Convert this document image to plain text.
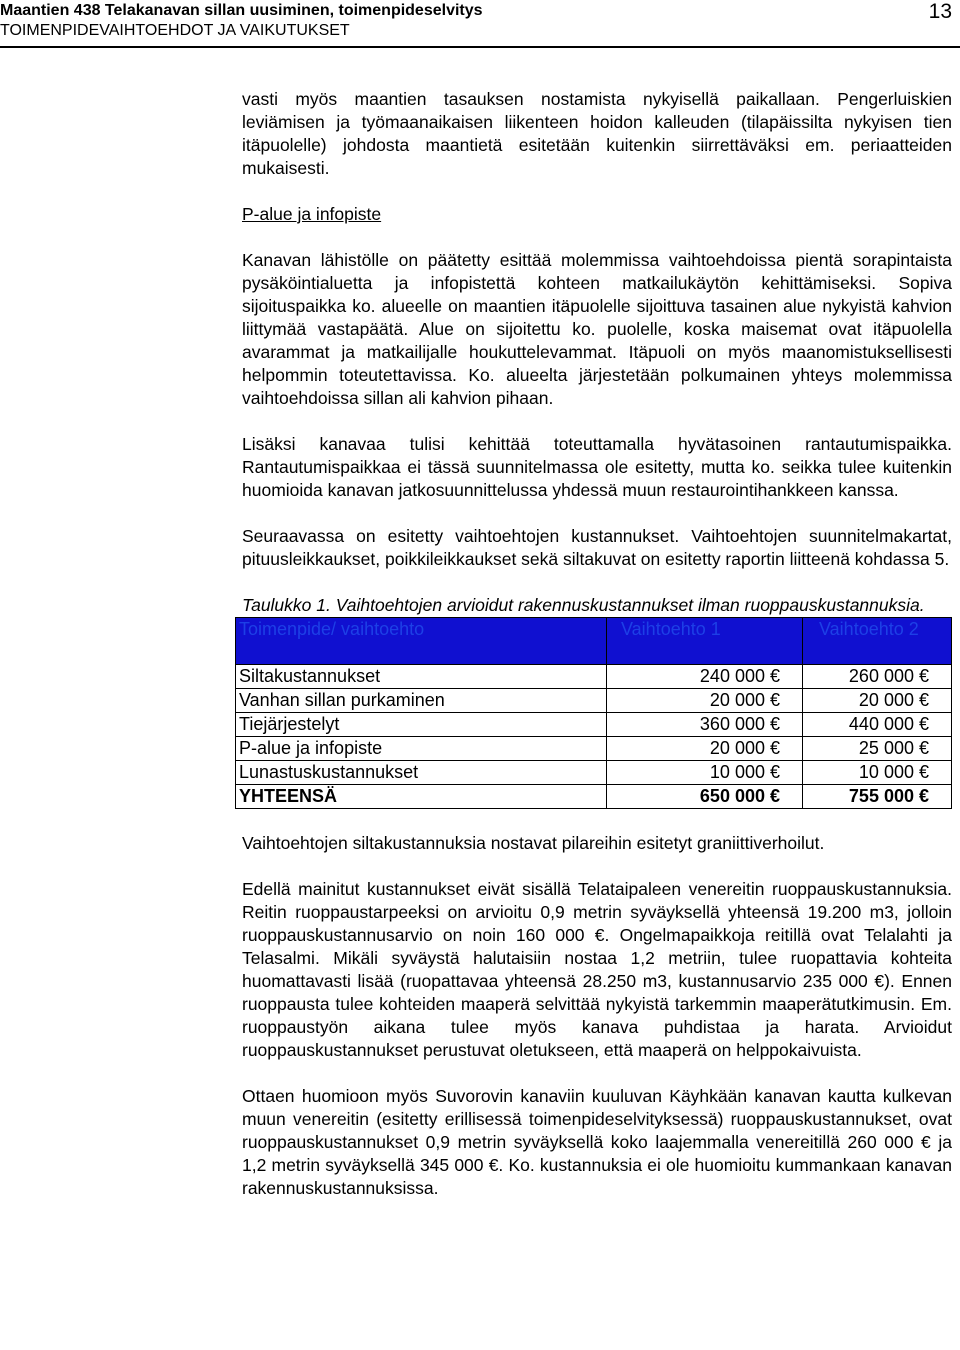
Maantien 438 Telakanavan sillan uusiminen, toimenpideselvitys
TOIMENPIDEVAIHTOEHDOT JA VAIKUTUKSET
13

vasti myös maantien tasauksen nostamista nykyisellä paikallaan. Pengerluiskien leviämisen ja työmaanaikaisen liikenteen hoidon kalleuden (tilapäissilta nykyisen tien itäpuolelle) johdosta maantietä esitetään kuitenkin siirrettäväksi em. periaatteiden mukaisesti.

P-alue ja infopiste

Kanavan lähistölle on päätetty esittää molemmissa vaihtoehdoissa pientä sorapintaista pysäköintialuetta ja infopistettä kohteen matkailukäytön kehittämiseksi. Sopiva sijoituspaikka ko. alueelle on maantien itäpuolelle sijoittuva tasainen alue nykyistä kahvion liittymää vastapäätä. Alue on sijoitettu ko. puolelle, koska maisemat ovat itäpuolella avarammat ja matkailijalle houkuttelevammat. Itäpuoli on myös maanomistuksellisesti helpommin toteutettavissa. Ko. alueelta järjestetään polkumainen yhteys molemmissa vaihtoehdoissa sillan ali kahvion pihaan.

Lisäksi kanavaa tulisi kehittää toteuttamalla hyvätasoinen rantautumispaikka. Rantautumispaikkaa ei tässä suunnitelmassa ole esitetty, mutta ko. seikka tulee kuitenkin huomioida kanavan jatkosuunnittelussa yhdessä muun restaurointihankkeen kanssa.

Seuraavassa on esitetty vaihtoehtojen kustannukset. Vaihtoehtojen suunnitelmakartat, pituusleikkaukset, poikkileikkaukset sekä siltakuvat on esitetty raportin liitteenä kohdassa 5.

Taulukko 1. Vaihtoehtojen arvioidut rakennuskustannukset ilman ruoppauskustannuksia.

Toimenpide/ vaihtoehto	Vaihtoehto 1	Vaihtoehto 2
Siltakustannukset	240 000 €	260 000 €
Vanhan sillan purkaminen	20 000 €	20 000 €
Tiejärjestelyt	360 000 €	440 000 €
P-alue ja infopiste	20 000 €	25 000 €
Lunastuskustannukset	10 000 €	10 000 €
YHTEENSÄ	650 000 €	755 000 €

Vaihtoehtojen siltakustannuksia nostavat pilareihin esitetyt graniittiverhoilut.

Edellä mainitut kustannukset eivät sisällä Telataipaleen venereitin ruoppauskustannuksia. Reitin ruoppaustarpeeksi on arvioitu 0,9 metrin syväyksellä yhteensä 19.200 m3, jolloin ruoppauskustannusarvio on noin 160 000 €. Ongelmapaikkoja reitillä ovat Telalahti ja Telasalmi. Mikäli syväystä halutaisiin nostaa 1,2 metriin, tulee ruopattavia kohteita huomattavasti lisää (ruopattavaa yhteensä 28.250 m3, kustannusarvio 235 000 €). Ennen ruoppausta tulee kohteiden maaperä selvittää nykyistä tarkemmin maaperätutkimusin. Em. ruoppaustyön aikana tulee myös kanava puhdistaa ja harata. Arvioidut ruoppauskustannukset perustuvat oletukseen, että maaperä on helppokaivuista.

Ottaen huomioon myös Suvorovin kanaviin kuuluvan Käyhkään kanavan kautta kulkevan muun venereitin (esitetty erillisessä toimenpideselvityksessä) ruoppauskustannukset, ovat ruoppauskustannukset 0,9 metrin syväyksellä koko laajemmalla venereitillä 260 000 € ja 1,2 metrin syväyksellä 345 000 €. Ko. kustannuksia ei ole huomioitu kummankaan kanavan rakennuskustannuksissa.
